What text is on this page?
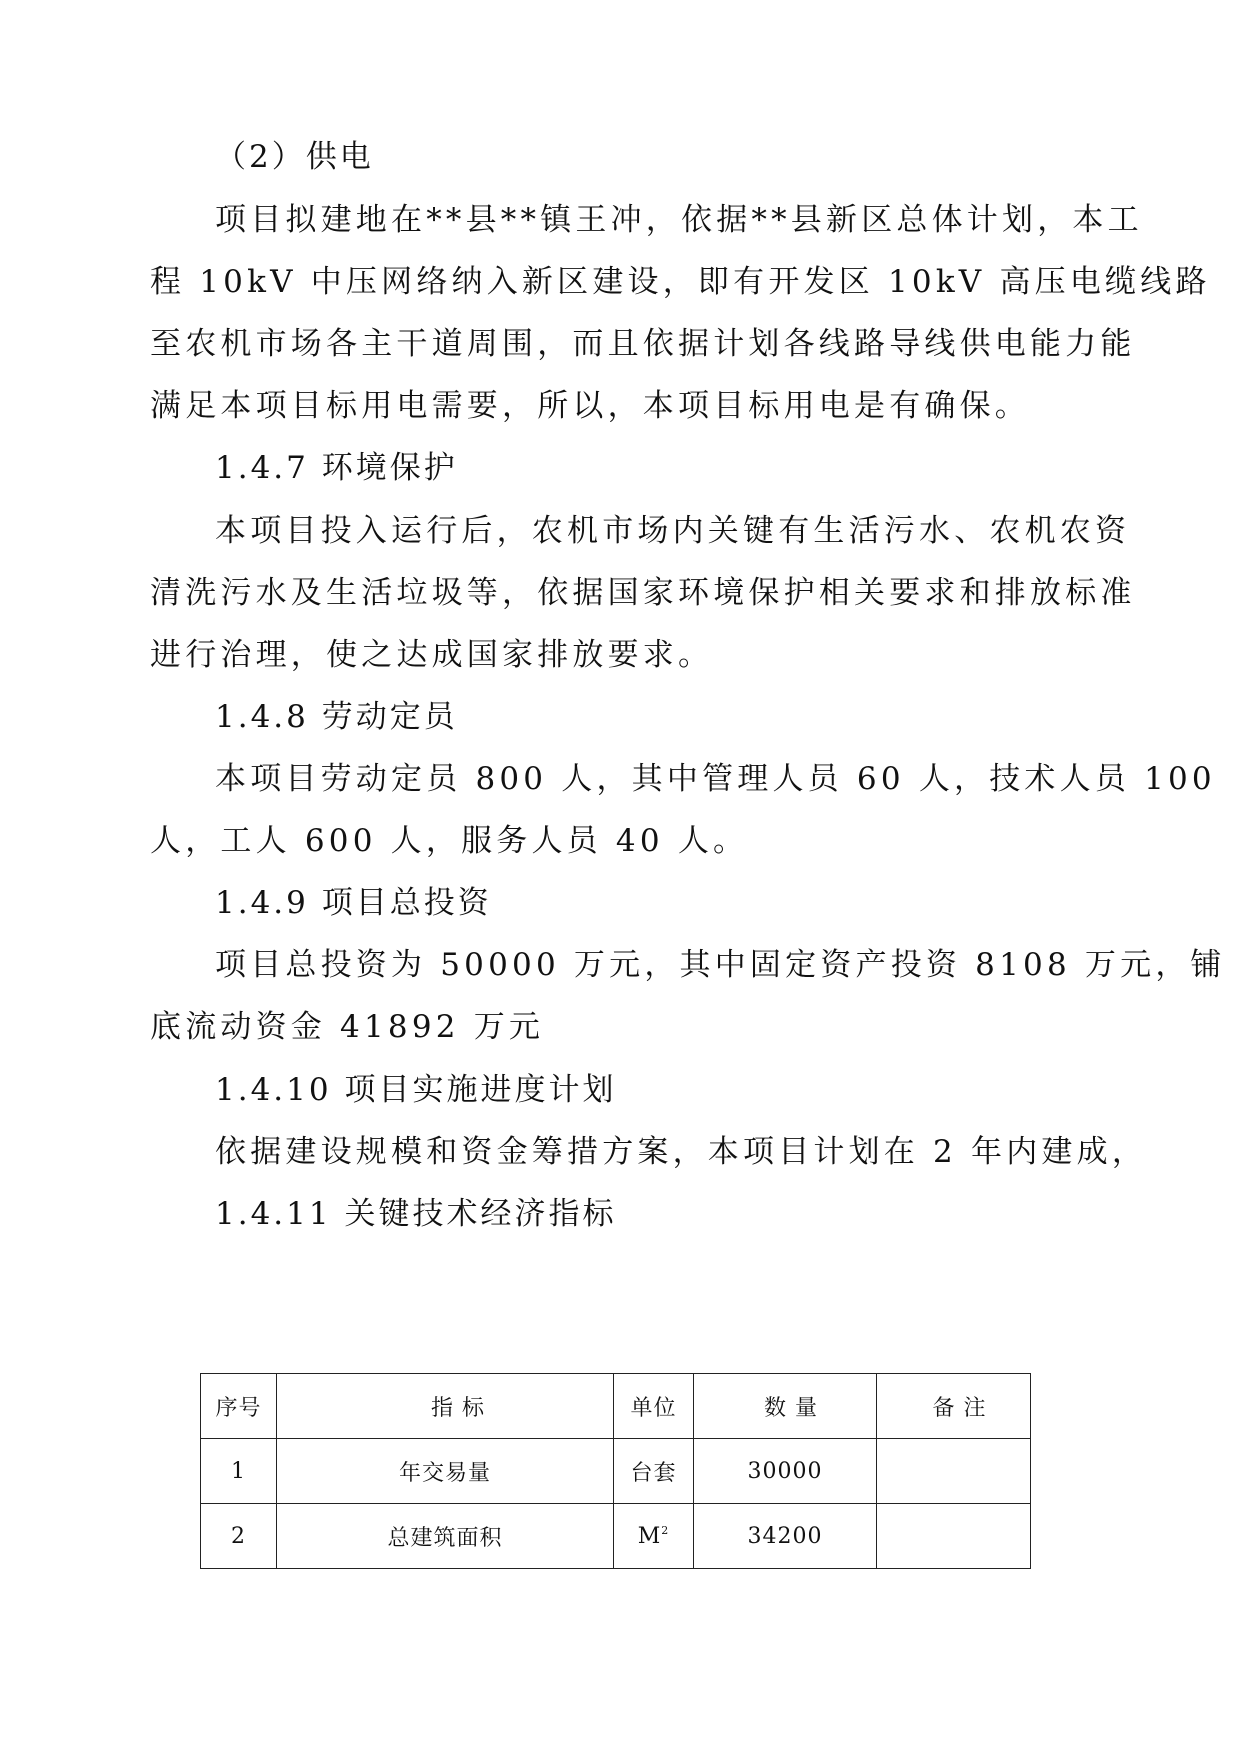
（2）供电

项目拟建地在**县**镇王冲，依据**县新区总体计划，本工

程 10kV 中压网络纳入新区建设，即有开发区 10kV 高压电缆线路

至农机市场各主干道周围，而且依据计划各线路导线供电能力能

满足本项目标用电需要，所以，本项目标用电是有确保。

1.4.7 环境保护

本项目投入运行后，农机市场内关键有生活污水、农机农资

清洗污水及生活垃圾等，依据国家环境保护相关要求和排放标准

进行治理，使之达成国家排放要求。

1.4.8 劳动定员

本项目劳动定员 800 人，其中管理人员 60 人，技术人员 100

人，工人 600 人，服务人员 40 人。

1.4.9 项目总投资

项目总投资为 50000 万元，其中固定资产投资 8108 万元，铺

底流动资金 41892 万元

1.4.10 项目实施进度计划

依据建设规模和资金筹措方案，本项目计划在 2 年内建成，

1.4.11 关键技术经济指标

序号	指 标	单位	数 量	备 注
1	年交易量	台套	30000	
2	总建筑面积	$M^2$	34200	
